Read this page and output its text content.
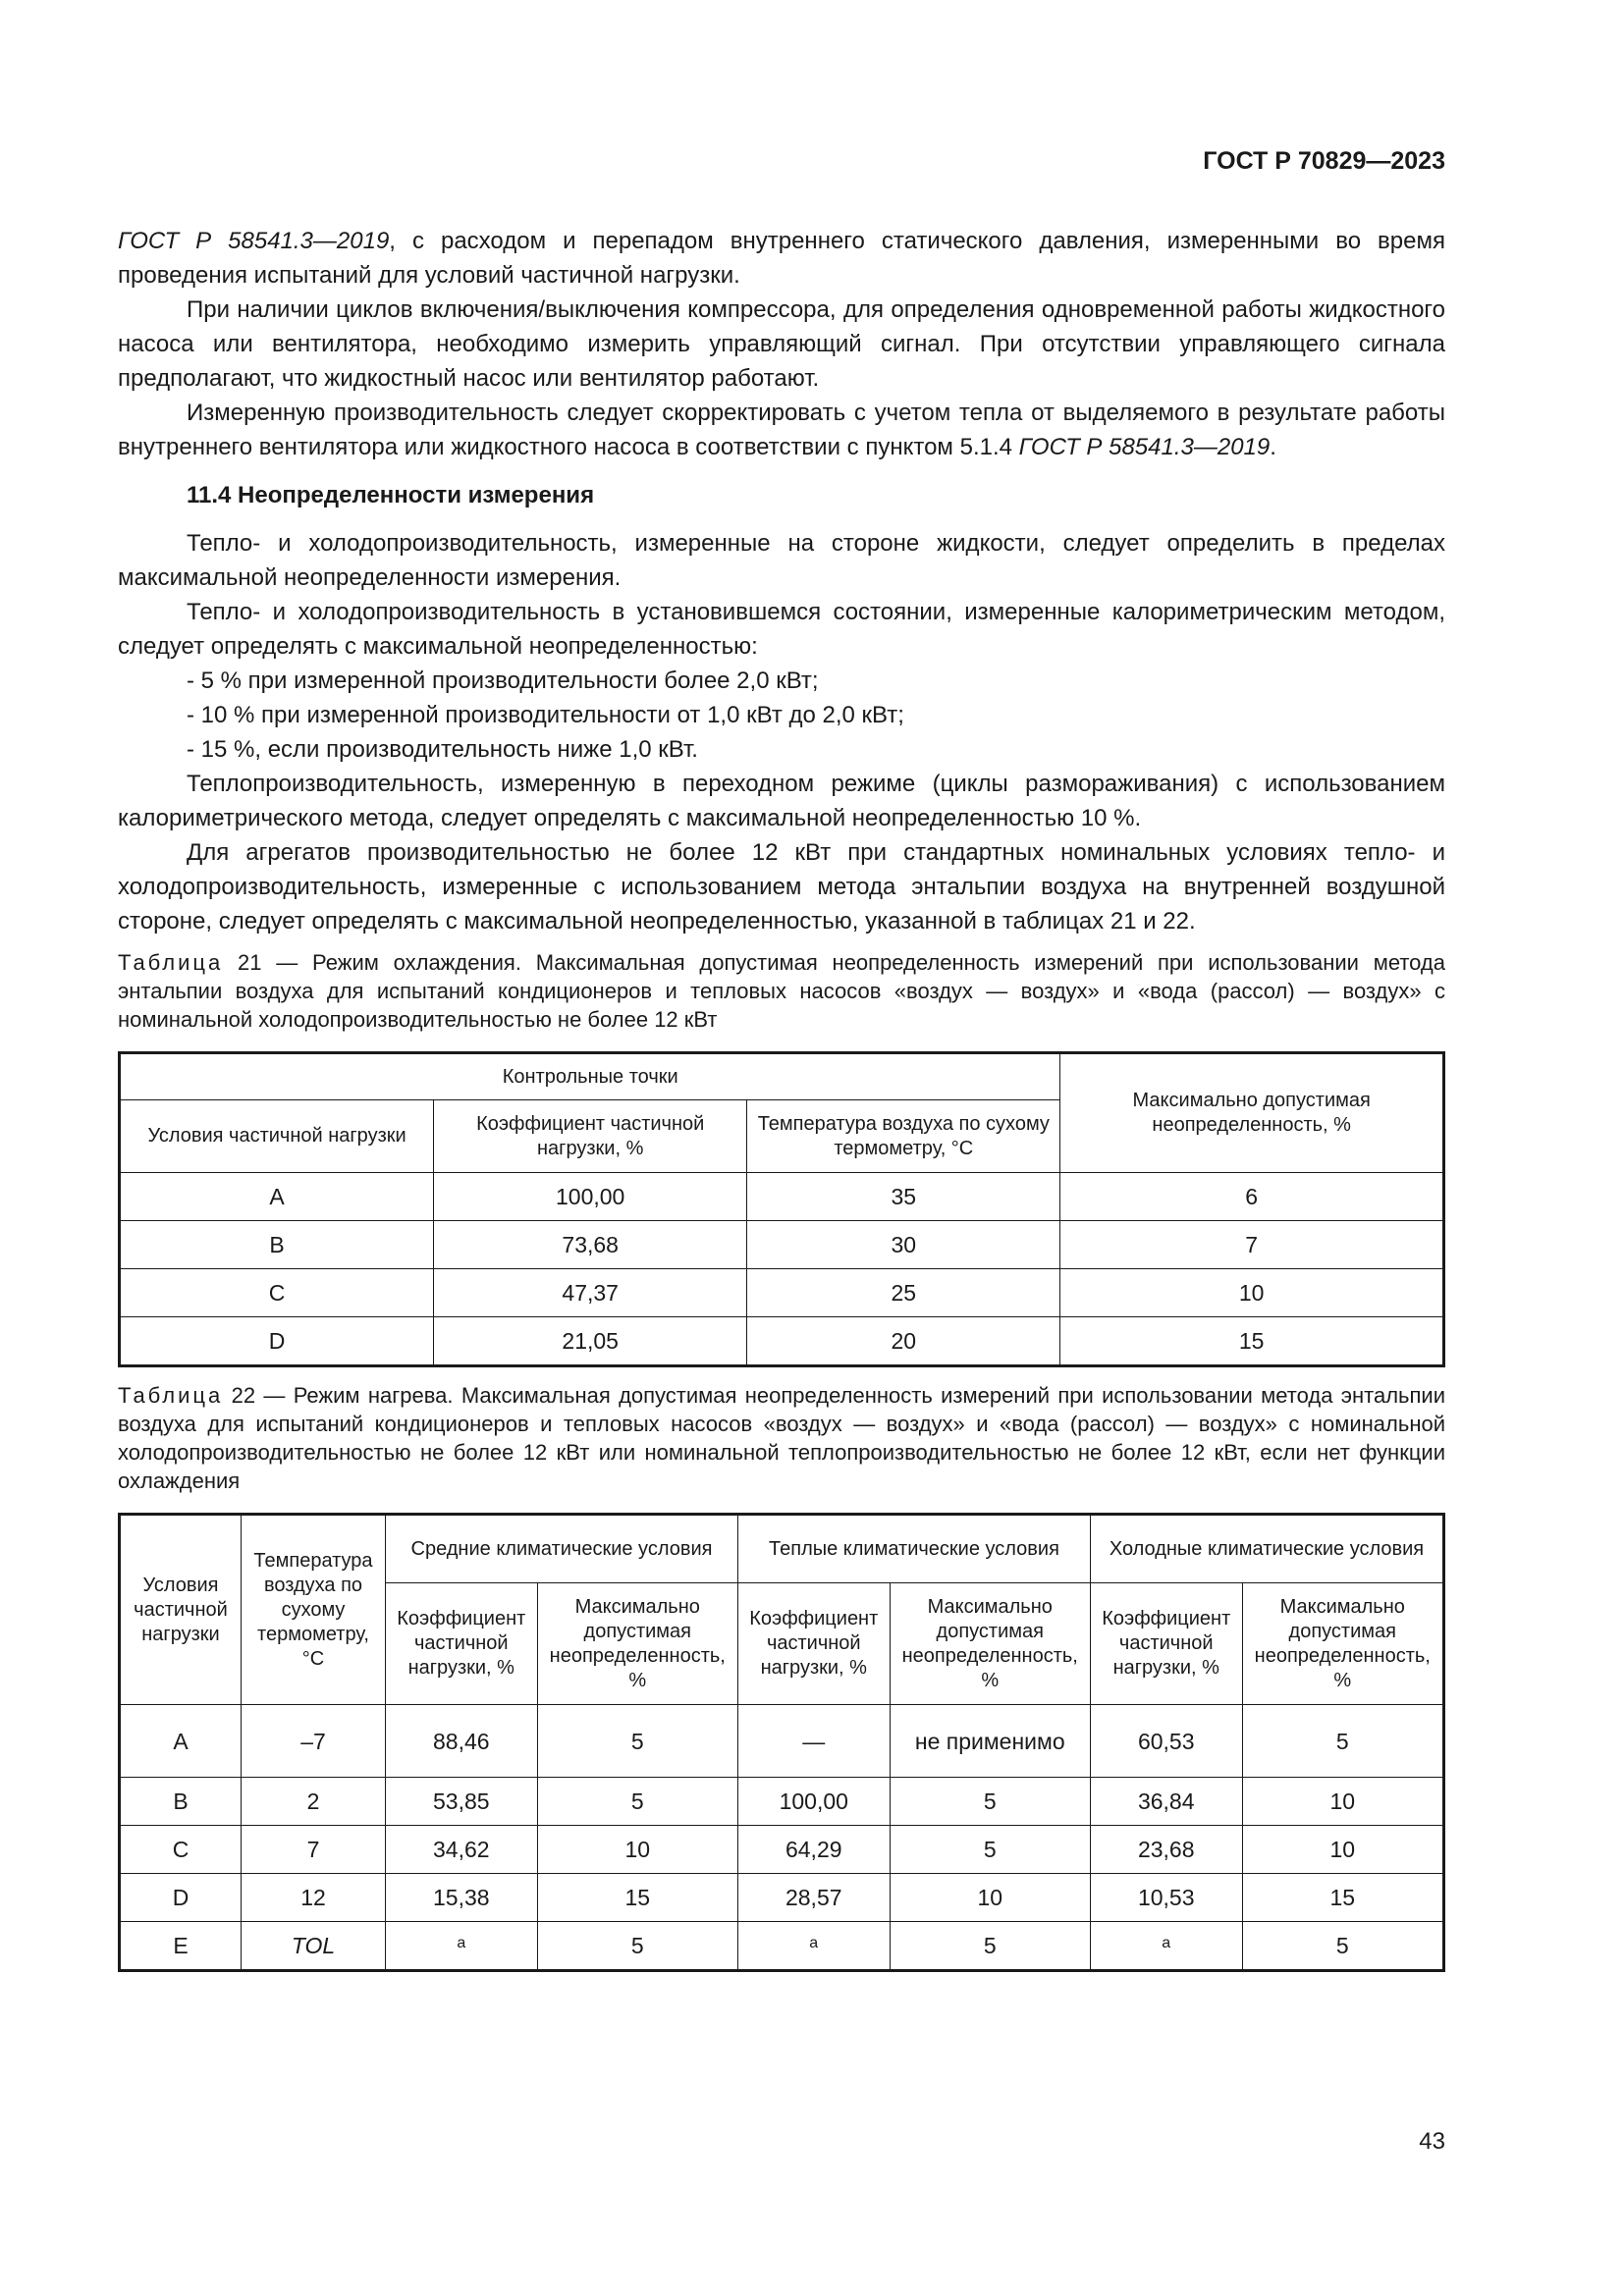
ГОСТ Р 70829—2023

ГОСТ Р 58541.3—2019, с расходом и перепадом внутреннего статического давления, измеренными во время проведения испытаний для условий частичной нагрузки.

При наличии циклов включения/выключения компрессора, для определения одновременной работы жидкостного насоса или вентилятора, необходимо измерить управляющий сигнал. При отсутствии управляющего сигнала предполагают, что жидкостный насос или вентилятор работают.

Измеренную производительность следует скорректировать с учетом тепла от выделяемого в результате работы внутреннего вентилятора или жидкостного насоса в соответствии с пунктом 5.1.4 ГОСТ Р 58541.3—2019.

11.4 Неопределенности измерения

Тепло- и холодопроизводительность, измеренные на стороне жидкости, следует определить в пределах максимальной неопределенности измерения.

Тепло- и холодопроизводительность в установившемся состоянии, измеренные калориметрическим методом, следует определять с максимальной неопределенностью:

- 5 % при измеренной производительности более 2,0 кВт;

- 10 % при измеренной производительности от 1,0 кВт до 2,0 кВт;

- 15 %, если производительность ниже 1,0 кВт.

Теплопроизводительность, измеренную в переходном режиме (циклы размораживания) с использованием калориметрического метода, следует определять с максимальной неопределенностью 10 %.

Для агрегатов производительностью не более 12 кВт при стандартных номинальных условиях тепло- и холодопроизводительность, измеренные с использованием метода энтальпии воздуха на внутренней воздушной стороне, следует определять с максимальной неопределенностью, указанной в таблицах 21 и 22.

Таблица 21 — Режим охлаждения. Максимальная допустимая неопределенность измерений при использовании метода энтальпии воздуха для испытаний кондиционеров и тепловых насосов «воздух — воздух» и «вода (рассол) — воздух» с номинальной холодопроизводительностью не более 12 кВт

Контрольные точки			Максимально допустимая неопределенность, %
Условия частичной нагрузки	Коэффициент частичной нагрузки, %	Температура воздуха по сухому термометру, °С	
A	100,00	35	6
B	73,68	30	7
C	47,37	25	10
D	21,05	20	15

Таблица 22 — Режим нагрева. Максимальная допустимая неопределенность измерений при использовании метода энтальпии воздуха для испытаний кондиционеров и тепловых насосов «воздух — воздух» и «вода (рассол) — воздух» с номинальной холодопроизводительностью не более 12 кВт или номинальной теплопроизводительностью не более 12 кВт, если нет функции охлаждения

Условия частичной нагрузки	Температура воздуха по сухому термометру, °С	Средние климатические условия		Теплые климатические условия		Холодные климатические условия	
		Коэффициент частичной нагрузки, %	Максимально допустимая неопределенность, %	Коэффициент частичной нагрузки, %	Максимально допустимая неопределенность, %	Коэффициент частичной нагрузки, %	Максимально допустимая неопределенность, %
A	–7	88,46	5	—	не применимо	60,53	5
B	2	53,85	5	100,00	5	36,84	10
C	7	34,62	10	64,29	5	23,68	10
D	12	15,38	15	28,57	10	10,53	15
E	TOL	$^a$	5	$^a$	5	$^a$	5
43
